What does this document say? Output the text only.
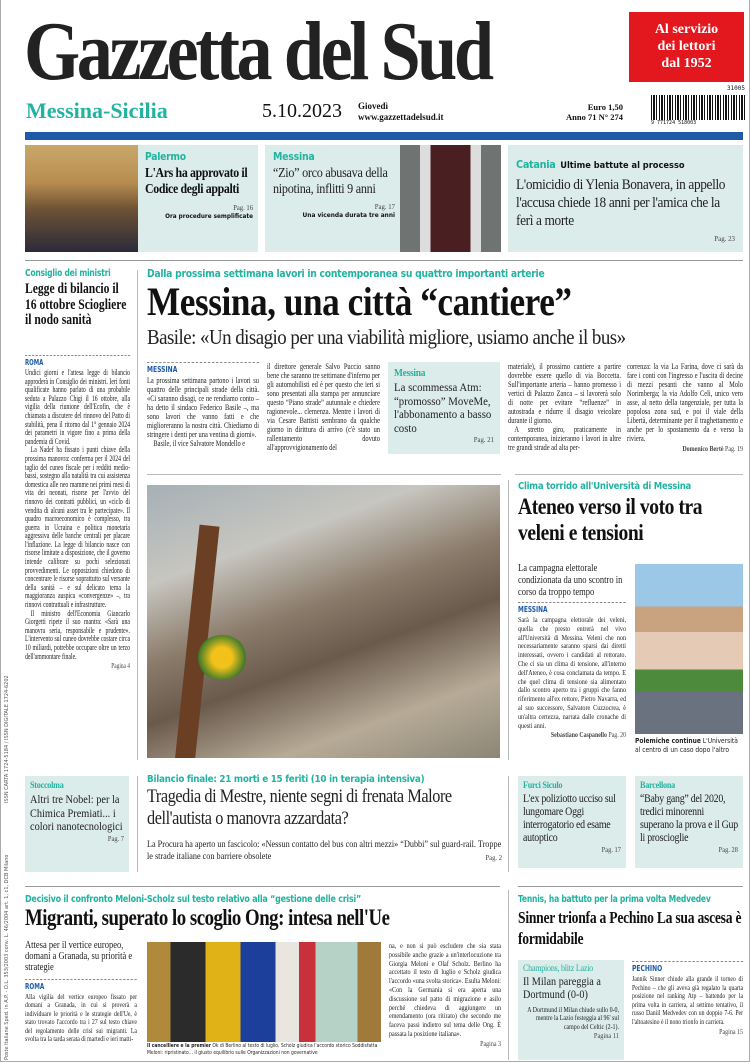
Gazzetta del Sud	Al servizio
dei lettori
dal 1952
Messina-Sicilia	5.10.2023 Giovedì
www.gazzettadelsud.it
Euro 1,50
Anno 71 N° 274
31005
9 771724 518003
Palermo
L'Ars ha approvato il Codice degli appalti
Pag. 16
Ora procedure semplificate
Messina
“Zio” orco abusava della nipotina, inflitti 9 anni
Pag. 17
Una vicenda durata tre anni
Catania Ultime battute al processo
L'omicidio di Ylenia Bonavera, in appello l'accusa chiede 18 anni per l'amica che la ferì a morte
Pag. 23
Consiglio dei ministri
Legge di bilancio il 16 ottobre Sciogliere il nodo sanità
ROMA

Undici giorni e l'attesa legge di bilancio approderà in Consiglio dei ministri. Ieri fonti qualificate hanno parlato di una probabile seduta a Palazzo Chigi il 16 ottobre, alla vigilia della riunione dell'Ecofin, che è chiamata a discutere del rinnovo del Patto di stabilità, pena il ritorno dal 1° gennaio 2024 dei parametri in vigore fino a prima della pandemia di Covid.

La Nadef ha fissato i punti chiave della prossima manovra: conferma per il 2024 del taglio del cuneo fiscale per i redditi medio-bassi, sostegno alla natalità tra cui assistenza domestica alle neo mamme nei primi mesi di vita dei neonati, risorse per l'avvio del rinnovo dei contratti pubblici, un «ciclo di vendita di alcuni asset tra le partecipate». Il quadro macroeconomico è complesso, tra guerra in Ucraina e politica monetaria aggressiva delle banche centrali per placare l'inflazione. La legge di bilancio nasce con risorse limitate a disposizione, che il governo intende calibrare su pochi selezionati provvedimenti. Le opposizioni chiedono di concentrare le risorse soprattutto sul versante della sanità – e sul delicato tema la maggioranza auspica «convergenze» –, tra rinnovi contrattuali e infrastrutture.

Il ministro dell'Economia Giancarlo Giorgetti ripete il suo mantra: «Sarà una manovra seria, responsabile e prudente». L'intervento sul cuneo dovrebbe costare circa 10 miliardi, potrebbe occupare oltre un terzo dell'ammontare finale.

Pagina 4
Poste Italiane Sped. in A.P. - D.L. 353/2003 conv. L. 46/2004 art. 1, c1, DCB Milano ISSN CARTA 1724-5184 / ISSN DIGITALE 1724-6202
Dalla prossima settimana lavori in contemporanea su quattro importanti arterie
Messina, una città “cantiere”
Basile: «Un disagio per una viabilità migliore, usiamo anche il bus»
MESSINA

La prossima settimana partono i lavori su quattro delle principali strade della città. «Ci saranno disagi, ce ne rendiamo conto – ha detto il sindaco Federico Basile –, ma sono lavori che vanno fatti e che miglioreranno la nostra città. Chiediamo di stringere i denti per una ventina di giorni».

Basile, il vice Salvatore Mondello e

il direttore generale Salvo Puccio sanno bene che saranno tre settimane d'inferno per gli automobilisti ed è per questo che ieri si sono presentati alla stampa per annunciare questo “Piano strade” autunnale e chiedere ragionevole... clemenza. Mentre i lavori di via Cesare Battisti sembrano da qualche giorno in dirittura di arrivo (c'è stato un rallentamento dovuto all'approvvigionamento del

Messina
La scommessa Atm: “promosso” MoveMe, l'abbonamento a basso costo
Pag. 21

materiale), il prossimo cantiere a partire dovrebbe essere quello di via Boccetta. Sull'importante arteria – hanno promesso i vertici di Palazzo Zanca – si lavorerà solo di notte per evitare “refluenze” in autostrada e ridurre il disagio veicolare durante il giorno.

A stretto giro, praticamente in contemporanea, inizieranno i lavori in altre tre grandi strade ad alta per-

correnza: la via La Farina, dove ci sarà da fare i conti con l'ingresso e l'uscita di decine di mezzi pesanti che vanno al Molo Norimberga; la via Adolfo Celi, unico vero asse, al netto della tangenziale, per tutta la popolosa zona sud, e poi il viale della Libertà, determinante per il traghettamento e anche per lo spostamento da e verso la riviera.

Domenico Bertè Pag. 19
Clima torrido all'Università di Messina
Ateneo verso il voto tra veleni e tensioni
La campagna elettorale condizionata da uno scontro in corso da troppo tempo
MESSINA

Sarà la campagna elettorale dei veleni, quella che presto entrerà nel vivo all'Università di Messina. Veleni che non necessariamente saranno sparsi dai diretti interessati, ovvero i candidati al rettorato. Che ci sia un clima di tensione, all'interno dell'Ateneo, è cosa conclamata da tempo. E che quel clima di tensione sia alimentato dallo scontro aperto tra i gruppi che fanno riferimento all'ex rettore, Pietro Navarra, ed al suo successore, Salvatore Cuzzocrea, è un'altra certezza, narrata dalle cronache di questi anni.

Sebastiano Caspanello Pag. 20
Polemiche continue L'Università al centro di un caso dopo l'altro
Stoccolma
Altri tre Nobel: per la Chimica Premiati... i colori nanotecnologici
Pag. 7
Bilancio finale: 21 morti e 15 feriti (10 in terapia intensiva)
Tragedia di Mestre, niente segni di frenata Malore dell'autista o manovra azzardata?
La Procura ha aperto un fascicolo: «Nessun contatto del bus con altri mezzi» “Dubbi” sul guard-rail. Troppe le strade italiane con barriere obsolete	Pag. 2
Furci Siculo
L'ex poliziotto ucciso sul lungomare Oggi interrogatorio ed esame autoptico
Pag. 17
Barcellona
“Baby gang” del 2020, tredici minorenni superano la prova e il Gup li proscioglie
Pag. 28
Decisivo il confronto Meloni-Scholz sul testo relativo alla “gestione delle crisi”
Migranti, superato lo scoglio Ong: intesa nell'Ue
Attesa per il vertice europeo, domani a Granada, su priorità e strategie
ROMA

Alla vigilia del vertice europeo fissato per domani a Granada, in cui si proverà a individuare le priorità e le strategie dell'Ue, è stato trovato l'accordo tra i 27 sul testo chiave del regolamento delle crisi sui migranti. La svolta tra la tarda serata di martedì e ieri matti-

Il cancelliere e la premier Ok di Berlino al testo di luglio, Scholz giudica l'accordo storico Soddisfatta Meloni: ripristinato... il giusto equilibrio sulle Organizzazioni non governative

na, e non si può escludere che sia stata possibile anche grazie a un'interlocuzione tra Giorgia Meloni e Olaf Scholz. Berlino ha accettato il testo di luglio e Scholz giudica l'accordo «una svolta storica». Esulta Meloni: «Con la Germania si era aperta una discussione sul patto di migrazione e asilo perché chiedeva di aggiungere un emendamento (ora ritirato) che secondo me faceva passi indietro sul tema delle Ong. È passata la posizione italiana».

Pagina 3
Tennis, ha battuto per la prima volta Medvedev
Sinner trionfa a Pechino La sua ascesa è formidabile
Champions, blitz Lazio
Il Milan pareggia a Dortmund (0-0)

A Dortmund il Milan chiude sullo 0-0, mentre la Lazio festeggia al 96' sul campo del Celtic (2-1).

Pagina 11
PECHINO

Jannik Sinner chiude alla grande il torneo di Pechino – che gli aveva già regalato la quarta posizione nel ranking Atp – battendo per la prima volta in carriera, al settimo tentativo, il russo Daniil Medvedev con un doppio 7-6. Per l'altoatesino è il nono trionfo in carriera.

Pagina 15
